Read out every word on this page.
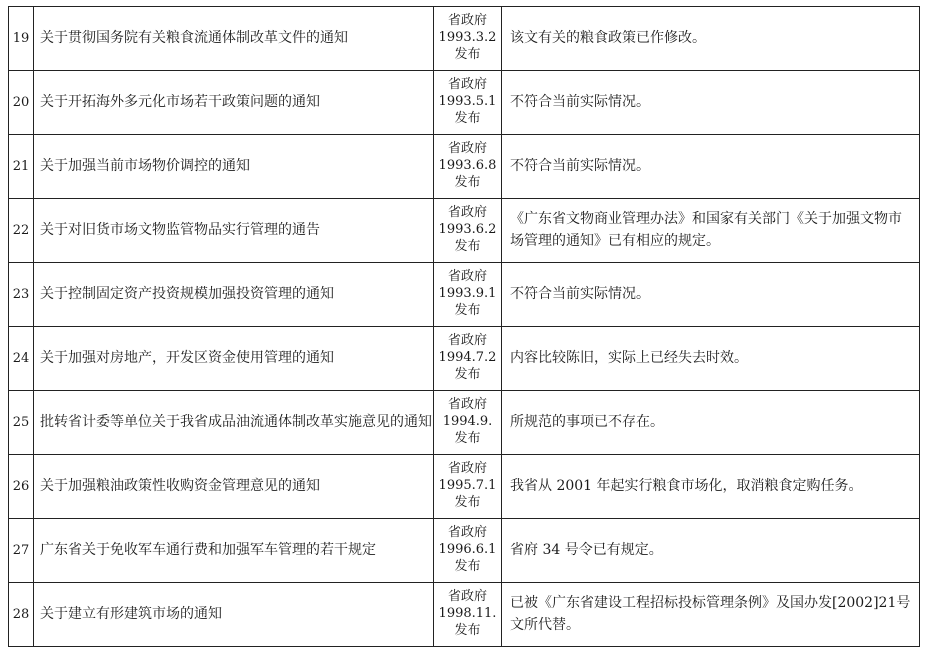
19	关于贯彻国务院有关粮食流通体制改革文件的通知	省政府
1993.3.2
发布	该文有关的粮食政策已作修改。
20	关于开拓海外多元化市场若干政策问题的通知	省政府
1993.5.1
发布	不符合当前实际情况。
21	关于加强当前市场物价调控的通知	省政府
1993.6.8
发布	不符合当前实际情况。
22	关于对旧货市场文物监管物品实行管理的通告	省政府
1993.6.2
发布	《广东省文物商业管理办法》和国家有关部门《关于加强文物市场管理的通知》已有相应的规定。
23	关于控制固定资产投资规模加强投资管理的通知	省政府
1993.9.1
发布	不符合当前实际情况。
24	关于加强对房地产，开发区资金使用管理的通知	省政府
1994.7.2
发布	内容比较陈旧，实际上已经失去时效。
25	批转省计委等单位关于我省成品油流通体制改革实施意见的通知	省政府
1994.9.
发布	所规范的事项已不存在。
26	关于加强粮油政策性收购资金管理意见的通知	省政府
1995.7.1
发布	我省从 2001 年起实行粮食市场化，取消粮食定购任务。
27	广东省关于免收军车通行费和加强军车管理的若干规定	省政府
1996.6.1
发布	省府 34 号令已有规定。
28	关于建立有形建筑市场的通知	省政府
1998.11.
发布	已被《广东省建设工程招标投标管理条例》及国办发[2002]21号文所代替。
